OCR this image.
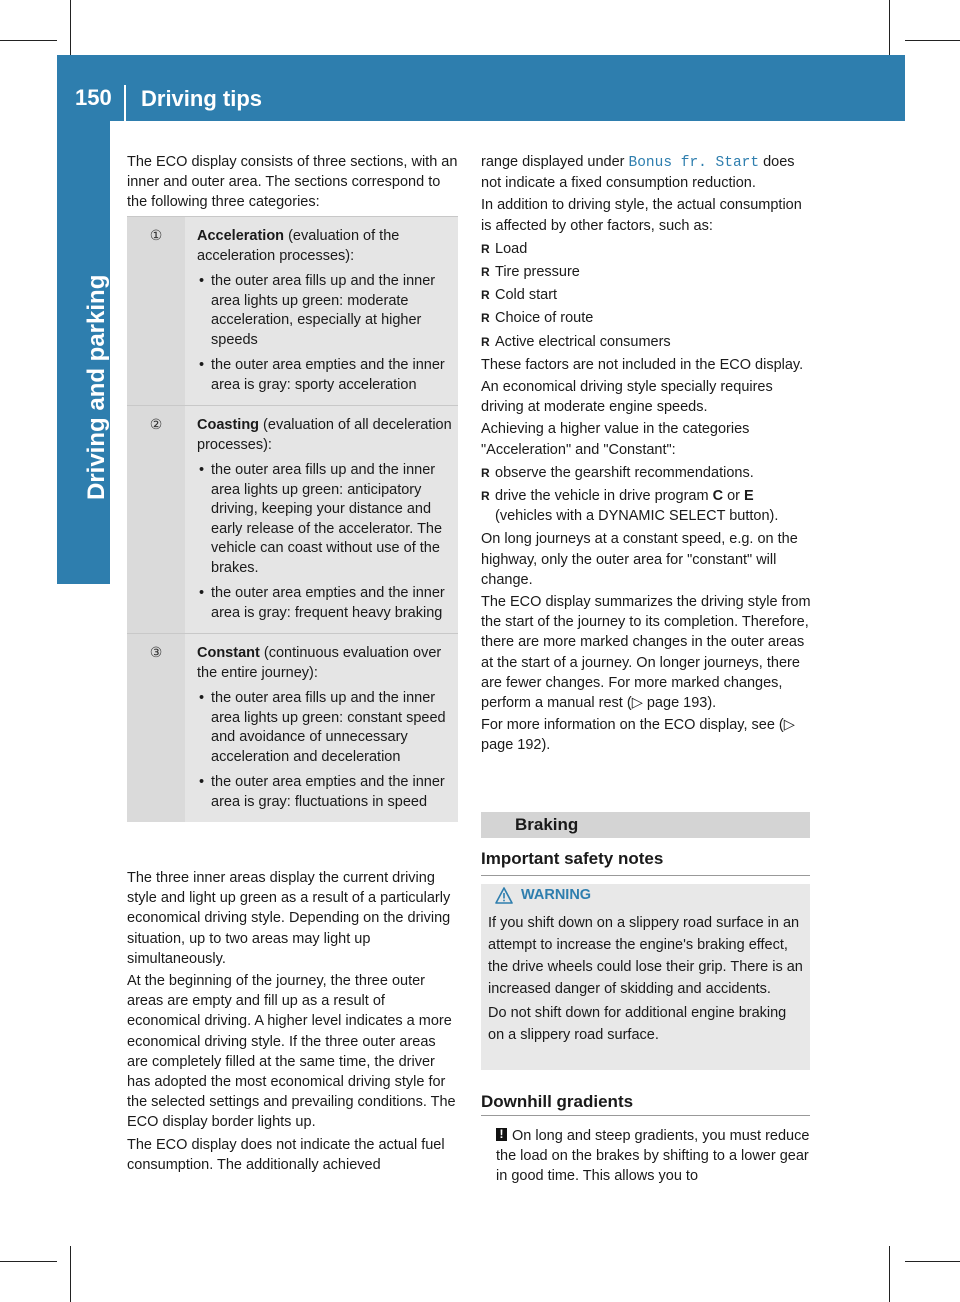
150 Driving tips
Driving and parking

The ECO display consists of three sections, with an inner and outer area. The sections correspond to the following three categories:

①	Acceleration (evaluation of the acceleration processes):
• the outer area fills up and the inner area lights up green: moderate acceleration, especially at higher speeds
• the outer area empties and the inner area is gray: sporty acceleration
②	Coasting (evaluation of all deceleration processes):
• the outer area fills up and the inner area lights up green: anticipatory driving, keeping your distance and early release of the accelerator. The vehicle can coast without use of the brakes.
• the outer area empties and the inner area is gray: frequent heavy braking
③	Constant (continuous evaluation over the entire journey):
• the outer area fills up and the inner area lights up green: constant speed and avoidance of unnecessary acceleration and deceleration
• the outer area empties and the inner area is gray: fluctuations in speed

The three inner areas display the current driving style and light up green as a result of a particularly economical driving style. Depending on the driving situation, up to two areas may light up simultaneously.

At the beginning of the journey, the three outer areas are empty and fill up as a result of economical driving. A higher level indicates a more economical driving style. If the three outer areas are completely filled at the same time, the driver has adopted the most economical driving style for the selected settings and prevailing conditions. The ECO display border lights up.

The ECO display does not indicate the actual fuel consumption. The additionally achieved

range displayed under Bonus fr. Start does not indicate a fixed consumption reduction.

In addition to driving style, the actual consumption is affected by other factors, such as:

R Load
R Tire pressure
R Cold start
R Choice of route
R Active electrical consumers

These factors are not included in the ECO display.

An economical driving style specially requires driving at moderate engine speeds.

Achieving a higher value in the categories "Acceleration" and "Constant":

R observe the gearshift recommendations.
R drive the vehicle in drive program C or E (vehicles with a DYNAMIC SELECT button).

On long journeys at a constant speed, e.g. on the highway, only the outer area for "constant" will change.

The ECO display summarizes the driving style from the start of the journey to its completion. Therefore, there are more marked changes in the outer areas at the start of a journey. On longer journeys, there are fewer changes. For more marked changes, perform a manual rest (▷ page 193).

For more information on the ECO display, see (▷ page 192).

Braking
Important safety notes
WARNING

If you shift down on a slippery road surface in an attempt to increase the engine's braking effect, the drive wheels could lose their grip. There is an increased danger of skidding and accidents.

Do not shift down for additional engine braking on a slippery road surface.

Downhill gradients
! On long and steep gradients, you must reduce the load on the brakes by shifting to a lower gear in good time. This allows you to
